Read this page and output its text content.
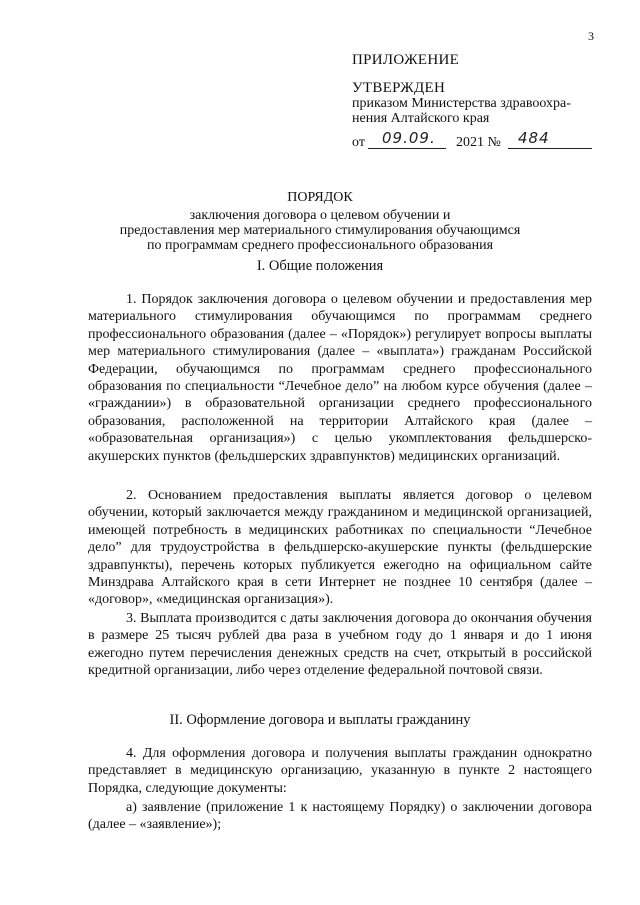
3
ПРИЛОЖЕНИЕ
УТВЕРЖДЕН
приказом Министерства здравоохра-
нения Алтайского края
от 09.09. 2021 № 484
ПОРЯДОК
заключения договора о целевом обучении и
предоставления мер материального стимулирования обучающимся
по программам среднего профессионального образования
I. Общие положения

1. Порядок заключения договора о целевом обучении и предоставления мер материального стимулирования обучающимся по программам среднего профессионального образования (далее – «Порядок») регулирует вопросы выплаты мер материального стимулирования (далее – «выплата») гражданам Российской Федерации, обучающимся по программам среднего профессионального образования по специальности “Лечебное дело” на любом курсе обучения (далее – «граждании») в образовательной организации среднего профессионального образования, расположенной на территории Алтайского края (далее – «образовательная организация») с целью укомплектования фельдшерско-акушерских пунктов (фельдшерских здравпунктов) медицинских организаций.

2. Основанием предоставления выплаты является договор о целевом обучении, который заключается между гражданином и медицинской организацией, имеющей потребность в медицинских работниках по специальности “Лечебное дело” для трудоустройства в фельдшерско-акушерские пункты (фельдшерские здравпункты), перечень которых публикуется ежегодно на официальном сайте Минздрава Алтайского края в сети Интернет не позднее 10 сентября (далее – «договор», «медицинская организация»).

3. Выплата производится с даты заключения договора до окончания обучения в размере 25 тысяч рублей два раза в учебном году до 1 января и до 1 июня ежегодно путем перечисления денежных средств на счет, открытый в российской кредитной организации, либо через отделение федеральной почтовой связи.

II. Оформление договора и выплаты гражданину

4. Для оформления договора и получения выплаты гражданин однократно представляет в медицинскую организацию, указанную в пункте 2 настоящего Порядка, следующие документы:

а) заявление (приложение 1 к настоящему Порядку) о заключении договора (далее – «заявление»);
